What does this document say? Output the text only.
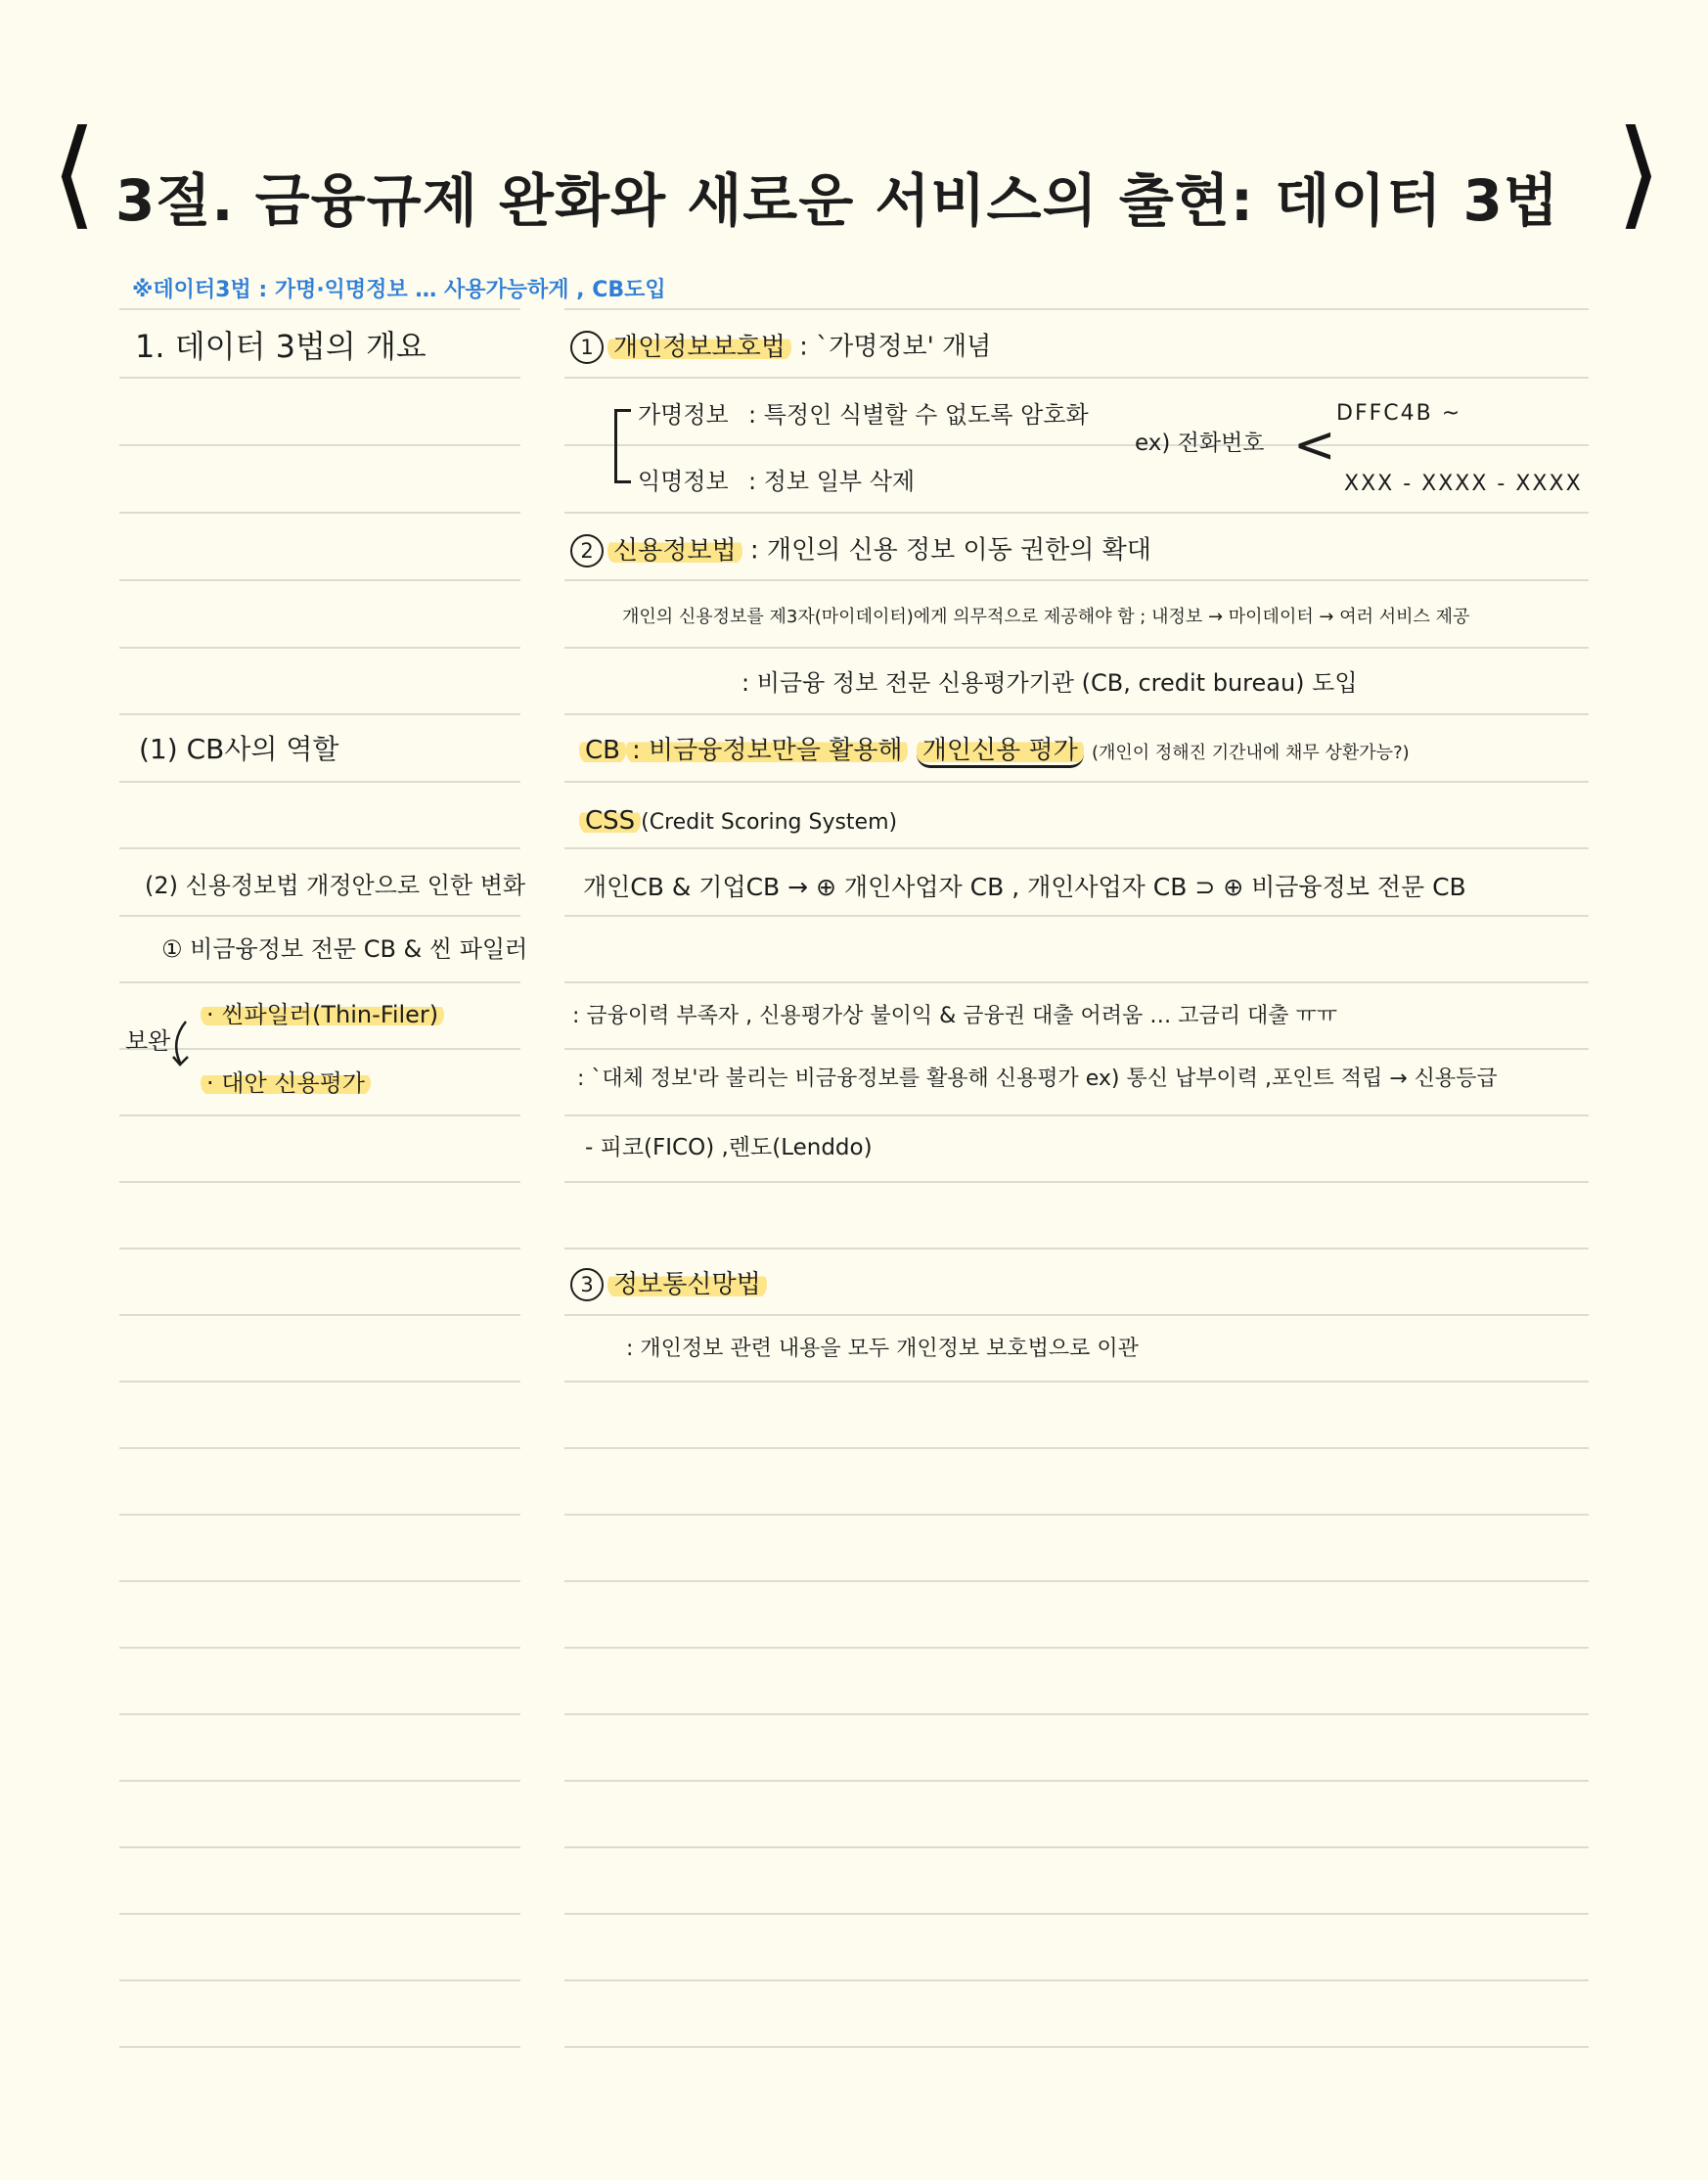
⟨	⟩
3절. 금융규제 완화와 새로운 서비스의 출현: 데이터 3법
※데이터3법 : 가명·익명정보 … 사용가능하게 , CB도입
1. 데이터 3법의 개요
(1) CB사의 역할
(2) 신용정보법 개정안으로 인한 변화
① 비금융정보 전문 CB & 씬 파일러
보완
· 씬파일러(Thin-Filer)
· 대안 신용평가
1 개인정보보호법 : `가명정보' 개념
가명정보 : 특정인 식별할 수 없도록 암호화
익명정보 : 정보 일부 삭제
ex) 전화번호 <
DFFC4B ~
XXX - XXXX - XXXX
2 신용정보법 : 개인의 신용 정보 이동 권한의 확대
개인의 신용정보를 제3자(마이데이터)에게 의무적으로 제공해야 함 ; 내정보 → 마이데이터 → 여러 서비스 제공
: 비금융 정보 전문 신용평가기관 (CB, credit bureau) 도입
CB : 비금융정보만을 활용해 개인신용 평가 (개인이 정해진 기간내에 채무 상환가능?)
CSS (Credit Scoring System)
개인CB & 기업CB → ⊕ 개인사업자 CB , 개인사업자 CB ⊃ ⊕ 비금융정보 전문 CB
: 금융이력 부족자 , 신용평가상 불이익 & 금융권 대출 어려움 … 고금리 대출 ㅠㅠ
: `대체 정보'라 불리는 비금융정보를 활용해 신용평가 ex) 통신 납부이력 ,포인트 적립 → 신용등급
- 피코(FICO) ,렌도(Lenddo)
3 정보통신망법
: 개인정보 관련 내용을 모두 개인정보 보호법으로 이관
